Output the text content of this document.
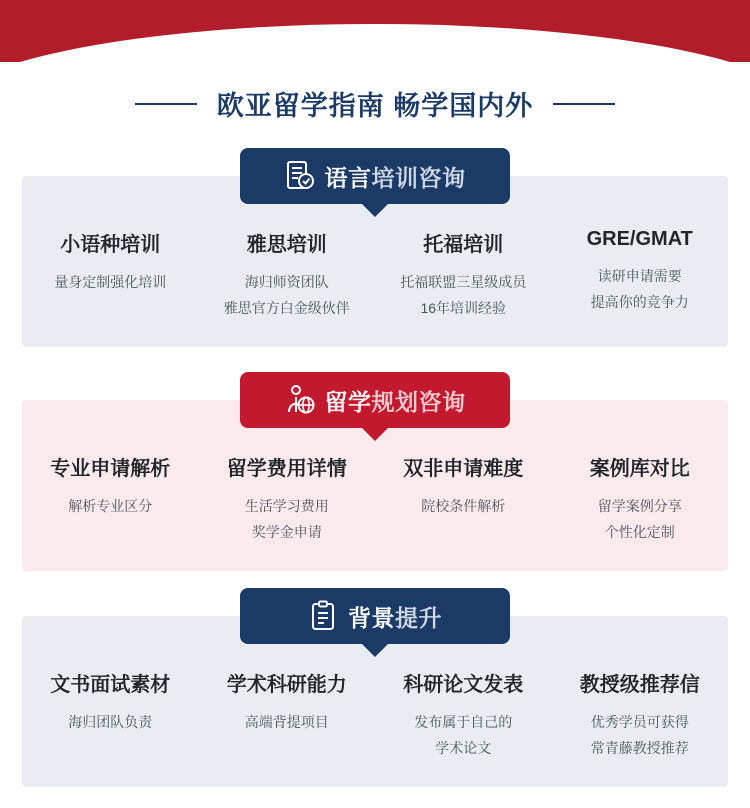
欧亚留学指南 畅学国内外
语言培训咨询
小语种培训
量身定制强化培训
雅思培训
海归师资团队
雅思官方白金级伙伴
托福培训
托福联盟三星级成员
16年培训经验
GRE/GMAT
读研申请需要
提高你的竞争力
留学规划咨询
专业申请解析
解析专业区分
留学费用详情
生活学习费用
奖学金申请
双非申请难度
院校条件解析
案例库对比
留学案例分享
个性化定制
背景提升
文书面试素材
海归团队负责
学术科研能力
高端背提项目
科研论文发表
发布属于自己的
学术论文
教授级推荐信
优秀学员可获得
常青藤教授推荐
